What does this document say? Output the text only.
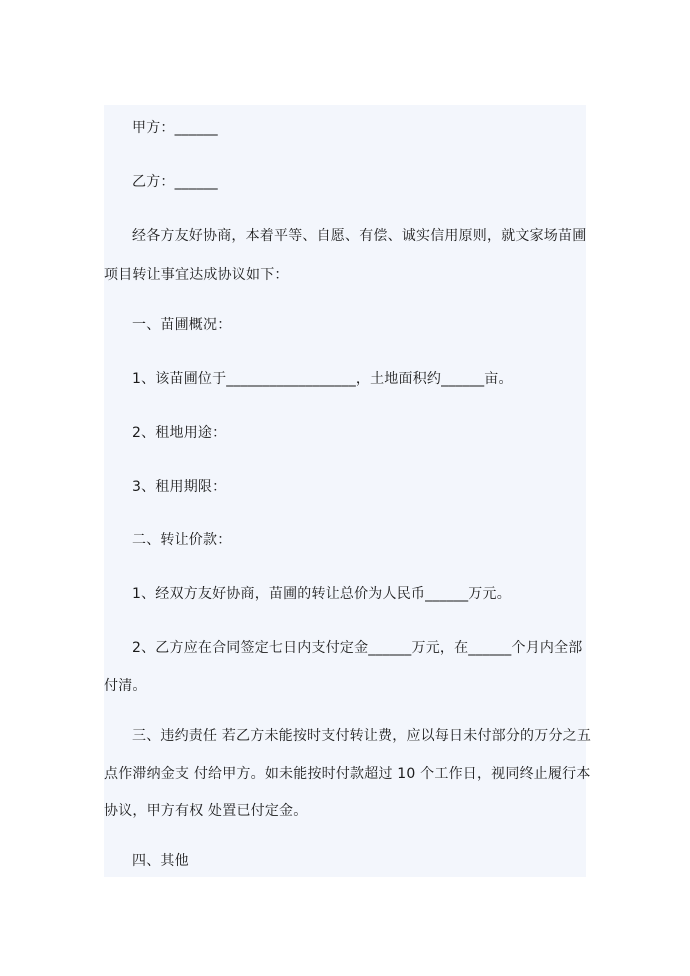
甲方：______
乙方：______
经各方友好协商，本着平等、自愿、有偿、诚实信用原则，就文家场苗圃
项目转让事宜达成协议如下：
一、苗圃概况：
1、该苗圃位于__________________，土地面积约______亩。
2、租地用途：
3、租用期限：
二、转让价款：
1、经双方友好协商，苗圃的转让总价为人民币______万元。
2、乙方应在合同签定七日内支付定金______万元，在______个月内全部
付清。
三、违约责任 若乙方未能按时支付转让费，应以每日未付部分的万分之五
点作滞纳金支 付给甲方。如未能按时付款超过 10 个工作日，视同终止履行本
协议，甲方有权 处置已付定金。
四、其他
